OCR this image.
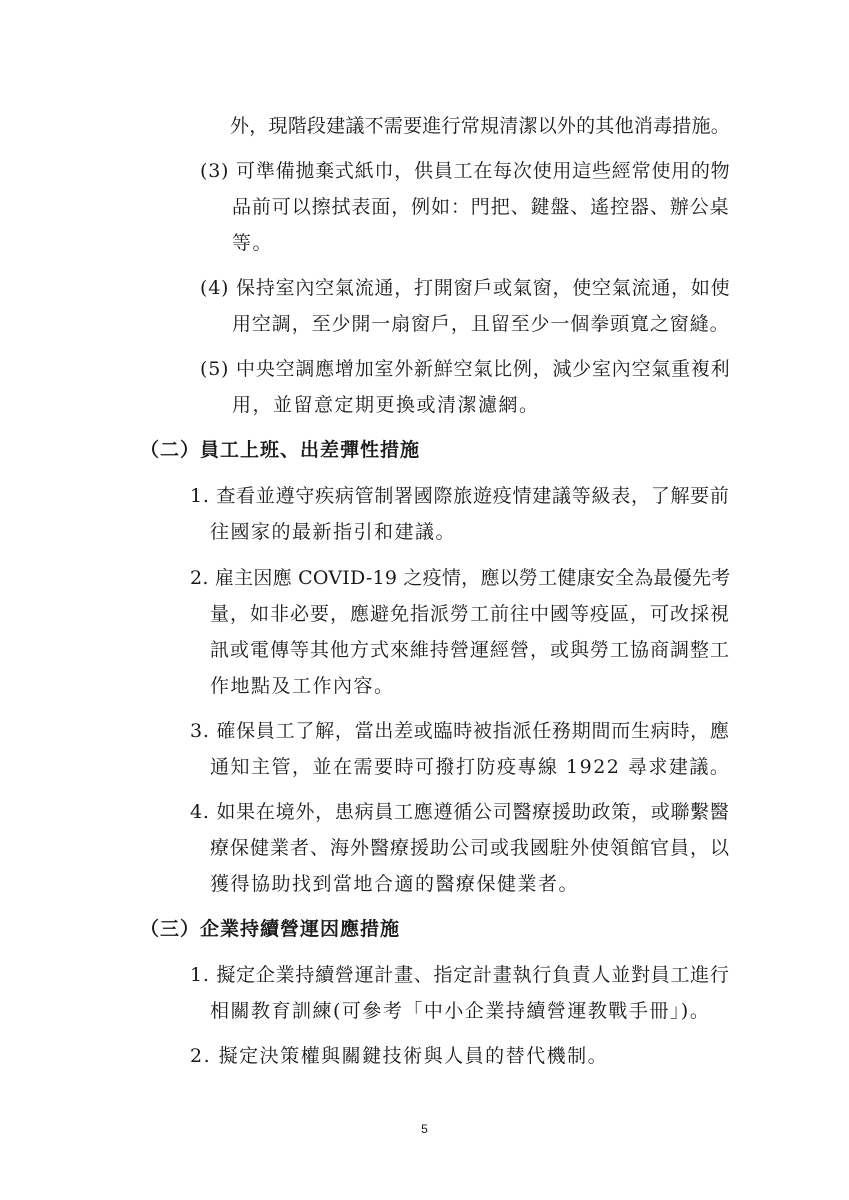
外，現階段建議不需要進行常規清潔以外的其他消毒措施。
(3) 可準備拋棄式紙巾，供員工在每次使用這些經常使用的物
品前可以擦拭表面，例如：門把、鍵盤、遙控器、辦公桌
等。
(4) 保持室內空氣流通，打開窗戶或氣窗，使空氣流通，如使
用空調，至少開一扇窗戶，且留至少一個拳頭寬之窗縫。
(5) 中央空調應增加室外新鮮空氣比例，減少室內空氣重複利
用，並留意定期更換或清潔濾網。
（二）員工上班、出差彈性措施
1. 查看並遵守疾病管制署國際旅遊疫情建議等級表，了解要前
往國家的最新指引和建議。
2. 雇主因應 COVID-19 之疫情，應以勞工健康安全為最優先考
量，如非必要，應避免指派勞工前往中國等疫區，可改採視
訊或電傳等其他方式來維持營運經營，或與勞工協商調整工
作地點及工作內容。
3. 確保員工了解，當出差或臨時被指派任務期間而生病時，應
通知主管，並在需要時可撥打防疫專線 1922 尋求建議。
4. 如果在境外，患病員工應遵循公司醫療援助政策，或聯繫醫
療保健業者、海外醫療援助公司或我國駐外使領館官員，以
獲得協助找到當地合適的醫療保健業者。
（三）企業持續營運因應措施
1. 擬定企業持續營運計畫、指定計畫執行負責人並對員工進行
相關教育訓練(可參考「中小企業持續營運教戰手冊」)。
2. 擬定決策權與關鍵技術與人員的替代機制。
5
